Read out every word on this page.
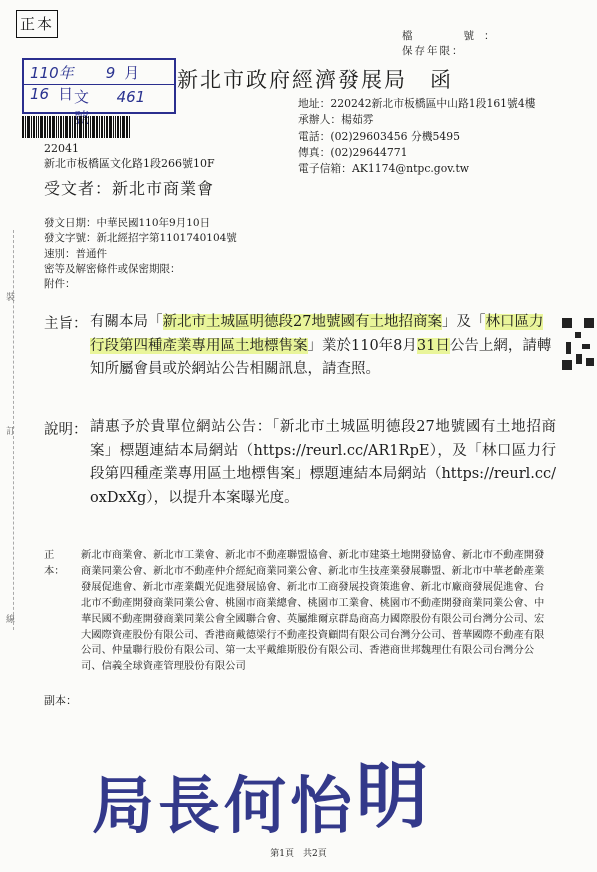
正本
檔　　號：
保存年限：
110年 9 月  16 日 文 461
新北市政府經濟發展局　函
地址：220242新北市板橋區中山路1段161號4樓
承辦人：楊茹雰
電話：(02)29603456 分機5495
傳真：(02)29644771
電子信箱：AK1174@ntpc.gov.tw
22041
新北市板橋區文化路1段266號10F
受文者：新北市商業會
發文日期：中華民國110年9月10日
發文字號：新北經招字第1101740104號
速別：普通件
密等及解密條件或保密期限：
附件：
主旨： 有關本局「新北市土城區明德段27地號國有土地招商案」及「林口區力行段第四種產業專用區土地標售案」業於110年8月31日公告上網，請轉知所屬會員或於網站公告相關訊息，請查照。
說明： 請惠予於貴單位網站公告：「新北市土城區明德段27地號國有土地招商案」標題連結本局網站（https://reurl.cc/AR1RpE），及「林口區力行段第四種產業專用區土地標售案」標題連結本局網站（https://reurl.cc/oxDxXg），以提升本案曝光度。
正本：
新北市商業會、新北市工業會、新北市不動產聯盟協會、新北市建築土地開發協會、新北市不動產開發商業同業公會、新北市不動產仲介經紀商業同業公會、新北市生技產業發展聯盟、新北市中華老齡產業發展促進會、新北市產業觀光促進發展協會、新北市工商發展投資策進會、新北市廠商發展促進會、台北市不動產開發商業同業公會、桃園市商業總會、桃園市工業會、桃園市不動產開發商業同業公會、中華民國不動產開發商業同業公會全國聯合會、英屬維爾京群島商高力國際股份有限公司台灣分公司、宏大國際資產股份有限公司、香港商戴德梁行不動產投資顧問有限公司台灣分公司、普華國際不動產有限公司、仲量聯行股份有限公司、第一太平戴維斯股份有限公司、香港商世邦魏理仕有限公司台灣分公司、信義全球資產管理股份有限公司
副本：
局長何怡明
裝
訂
線
第1頁　共2頁
